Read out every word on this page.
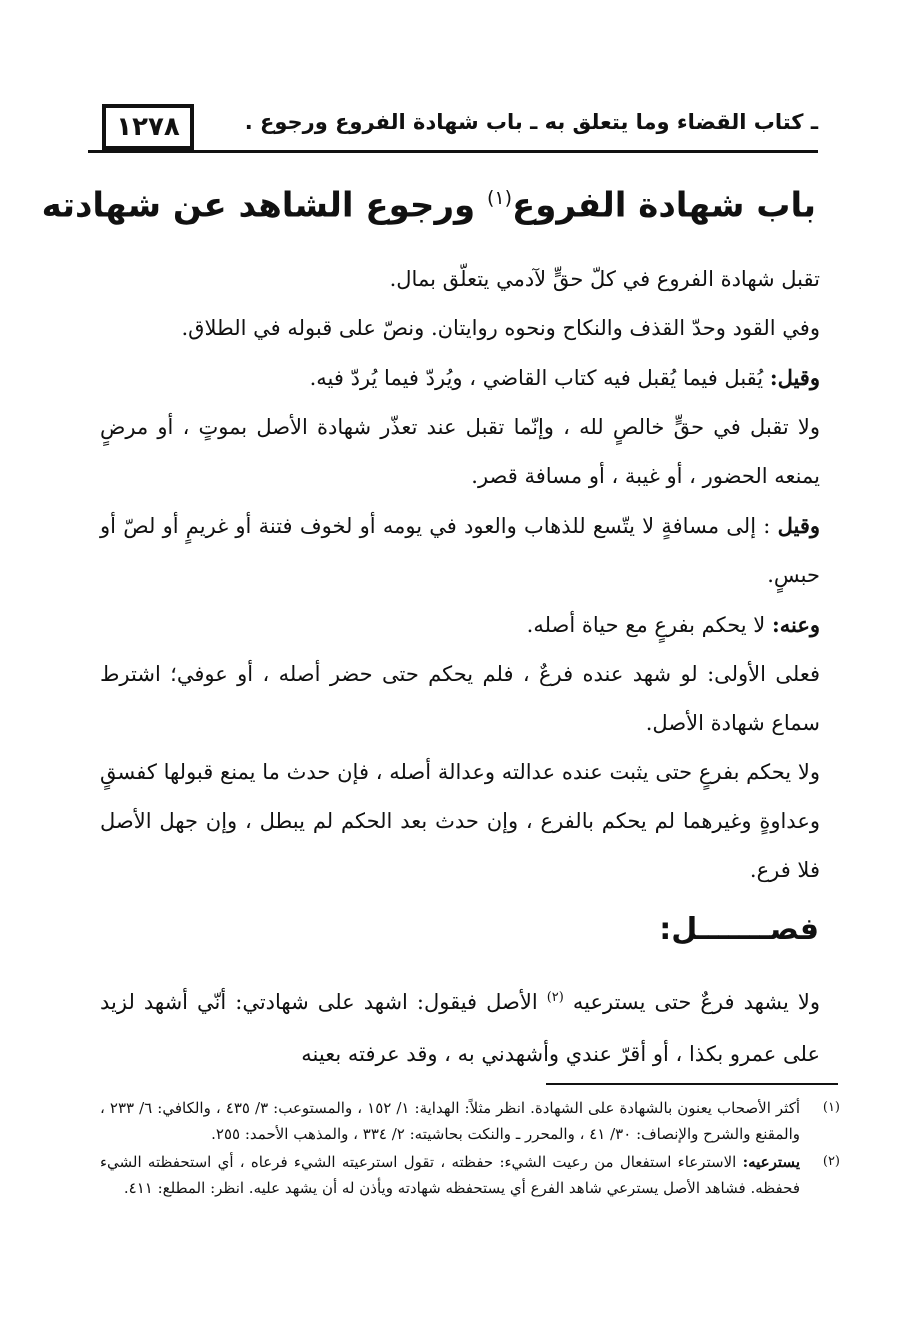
١٢٧٨	ـ كتاب القضاء وما يتعلق به ـ باب شهادة الفروع ورجوع .
باب شهادة الفروع$^{(١)}$ ورجوع الشاهد عن شهادته

تقبل شهادة الفروع في كلّ حقٍّ لآدمي يتعلّق بمال.

وفي القود وحدّ القذف والنكاح ونحوه روايتان. ونصّ على قبوله في الطلاق.

وقيل: يُقبل فيما يُقبل فيه كتاب القاضي ، ويُردّ فيما يُردّ فيه.

ولا تقبل في حقٍّ خالصٍ لله ، وإنّما تقبل عند تعذّر شهادة الأصل بموتٍ ، أو مرضٍ يمنعه الحضور ، أو غيبة ، أو مسافة قصر.

وقيل : إلى مسافةٍ لا يتّسع للذهاب والعود في يومه أو لخوف فتنة أو غريمٍ أو لصّ أو حبسٍ.

وعنه: لا يحكم بفرعٍ مع حياة أصله.

فعلى الأولى: لو شهد عنده فرعٌ ، فلم يحكم حتى حضر أصله ، أو عوفي؛ اشترط سماع شهادة الأصل.

ولا يحكم بفرعٍ حتى يثبت عنده عدالته وعدالة أصله ، فإن حدث ما يمنع قبولها كفسقٍ وعداوةٍ وغيرهما لم يحكم بالفرع ، وإن حدث بعد الحكم لم يبطل ، وإن جهل الأصل فلا فرع.

فصـــــــل:

ولا يشهد فرعٌ حتى يسترعيه $^{(٢)}$ الأصل فيقول: اشهد على شهادتي: أنّي أشهد لزيد على عمرو بكذا ، أو أقرّ عندي وأشهدني به ، وقد عرفته بعينه

(١)
أكثر الأصحاب يعنون بالشهادة على الشهادة. انظر مثلاً: الهداية: ١/ ١٥٢ ، والمستوعب: ٣/ ٤٣٥ ، والكافي: ٦/ ٢٣٣ ، والمقنع والشرح والإنصاف: ٣٠/ ٤١ ، والمحرر ـ والنكت بحاشيته: ٢/ ٣٣٤ ، والمذهب الأحمد: ٢٥٥.
(٢)
يسترعيه: الاسترعاء استفعال من رعيت الشيء: حفظته ، تقول استرعيته الشيء فرعاه ، أي استحفظته الشيء فحفظه. فشاهد الأصل يسترعي شاهد الفرع أي يستحفظه شهادته ويأذن له أن يشهد عليه. انظر: المطلع: ٤١١.
